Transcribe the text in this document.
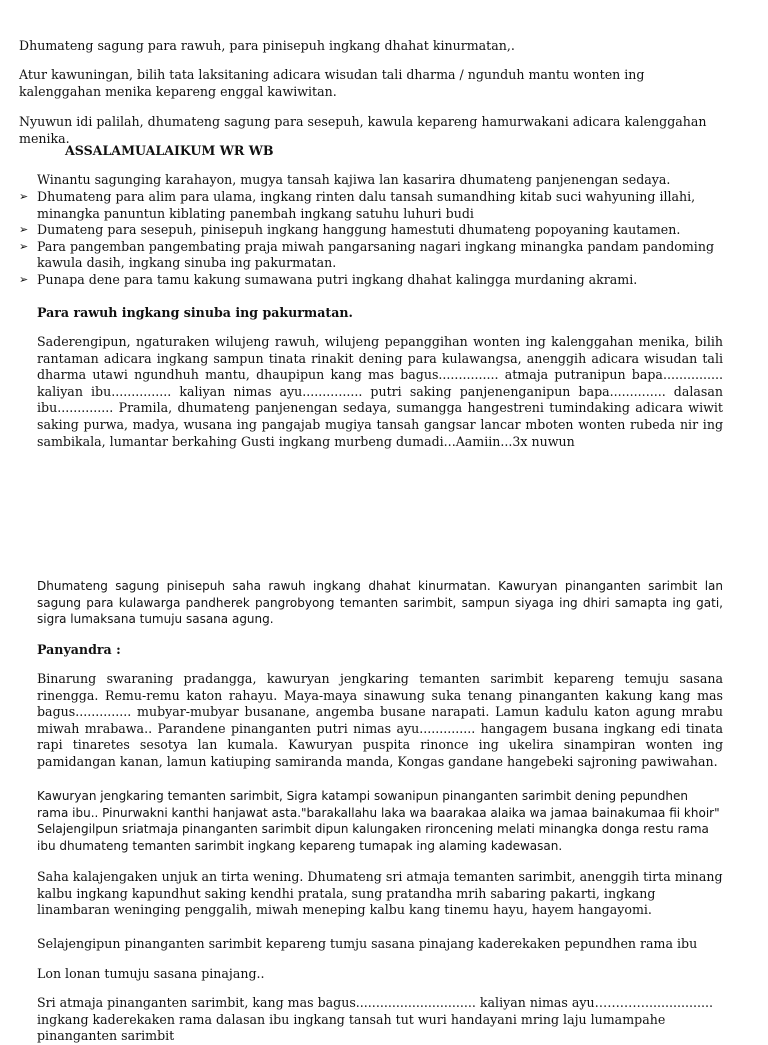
Dhumateng sagung para rawuh, para pinisepuh ingkang dhahat kinurmatan,.

Atur kawuningan, bilih tata laksitaning adicara wisudan tali dharma / ngunduh mantu wonten ing kalenggahan menika kepareng enggal kawiwitan.

Nyuwun idi palilah, dhumateng sagung para sesepuh, kawula kepareng hamurwakani adicara kalenggahan menika.

ASSALAMUALAIKUM WR WB

Winantu sagunging karahayon, mugya tansah kajiwa lan kasarira dhumateng panjenengan sedaya.

➢ Dhumateng para alim para ulama, ingkang rinten dalu tansah sumandhing kitab suci wahyuning illahi, minangka panuntun kiblating panembah ingkang satuhu luhuri budi
➢ Dumateng para sesepuh, pinisepuh ingkang hanggung hamestuti dhumateng popoyaning kautamen.
➢ Para pangemban pangembating praja miwah pangarsaning nagari ingkang minangka pandam pandoming kawula dasih, ingkang sinuba ing pakurmatan.
➢ Punapa dene para tamu kakung sumawana putri ingkang dhahat kalingga murdaning akrami.

Para rawuh ingkang sinuba ing pakurmatan.

Saderengipun, ngaturaken wilujeng rawuh, wilujeng pepanggihan wonten ing kalenggahan menika, bilih rantaman adicara ingkang sampun tinata rinakit dening para kulawangsa, anenggih adicara wisudan tali dharma utawi ngundhuh mantu, dhaupipun kang mas bagus............... atmaja putranipun bapa............... kaliyan ibu............... kaliyan nimas ayu............... putri saking panjenenganipun bapa.............. dalasan ibu.............. Pramila, dhumateng panjenengan sedaya, sumangga hangestreni tumindaking adicara wiwit saking purwa, madya, wusana ing pangajab mugiya tansah gangsar lancar mboten wonten rubeda nir ing sambikala, lumantar berkahing Gusti ingkang murbeng dumadi...Aamiin...3x nuwun

Dhumateng sagung pinisepuh saha rawuh ingkang dhahat kinurmatan. Kawuryan pinanganten sarimbit lan sagung para kulawarga pandherek pangrobyong temanten sarimbit, sampun siyaga ing dhiri samapta ing gati, sigra lumaksana tumuju sasana agung.

Panyandra :

Binarung swaraning pradangga, kawuryan jengkaring temanten sarimbit kepareng temuju sasana rinengga. Remu-remu katon rahayu. Maya-maya sinawung suka tenang pinanganten kakung kang mas bagus.............. mubyar-mubyar busanane, angemba busane narapati. Lamun kadulu katon agung mrabu miwah mrabawa.. Parandene pinanganten putri nimas ayu.............. hangagem busana ingkang edi tinata rapi tinaretes sesotya lan kumala. Kawuryan puspita rinonce ing ukelira sinampiran wonten ing pamidangan kanan, lamun katiuping samiranda manda, Kongas gandane hangebeki sajroning pawiwahan.

Kawuryan jengkaring temanten sarimbit, Sigra katampi sowanipun pinanganten sarimbit dening pepundhen rama ibu.. Pinurwakni kanthi hanjawat asta."barakallahu laka wa baarakaa alaika wa jamaa bainakumaa fii khoir" Selajengilpun sriatmaja pinanganten sarimbit dipun kalungaken rironcening melati minangka donga restu rama ibu dhumateng temanten sarimbit ingkang kepareng tumapak ing alaming kadewasan.

Saha kalajengaken unjuk an tirta wening. Dhumateng sri atmaja temanten sarimbit, anenggih tirta minang kalbu ingkang kapundhut saking kendhi pratala, sung pratandha mrih sabaring pakarti, ingkang linambaran weninging penggalih, miwah meneping kalbu kang tinemu hayu, hayem hangayomi.

Selajengipun pinanganten sarimbit kepareng tumju sasana pinajang kaderekaken pepundhen rama ibu

Lon lonan tumuju sasana pinajang..

Sri atmaja pinanganten sarimbit, kang mas bagus.............................. kaliyan nimas ayu…………................. ingkang kaderekaken rama dalasan ibu ingkang tansah tut wuri handayani mring laju lumampahe pinanganten sarimbit
